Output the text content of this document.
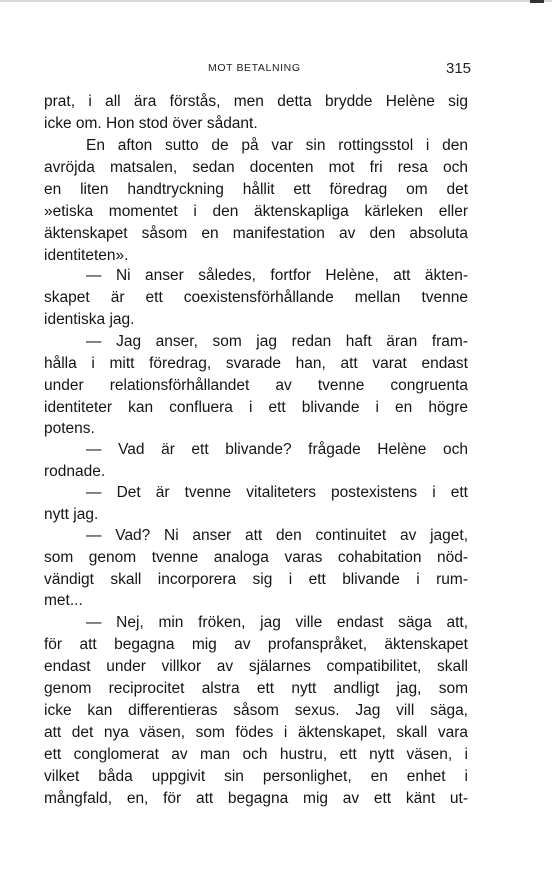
MOT BETALNING	315
prat, i all ära förstås, men detta brydde Helène sig
icke om. Hon stod över sådant.
En afton sutto de på var sin rottingsstol i den
avröjda matsalen, sedan docenten mot fri resa och
en liten handtryckning hållit ett föredrag om det
»etiska momentet i den äktenskapliga kärleken eller
äktenskapet såsom en manifestation av den absoluta
identiteten».
— Ni anser således, fortfor Helène, att äkten-
skapet är ett coexistensförhållande mellan tvenne
identiska jag.
— Jag anser, som jag redan haft äran fram-
hålla i mitt föredrag, svarade han, att varat endast
under relationsförhållandet av tvenne congruenta
identiteter kan confluera i ett blivande i en högre
potens.
— Vad är ett blivande? frågade Helène och
rodnade.
— Det är tvenne vitaliteters postexistens i ett
nytt jag.
— Vad? Ni anser att den continuitet av jaget,
som genom tvenne analoga varas cohabitation nöd-
vändigt skall incorporera sig i ett blivande i rum-
met...
— Nej, min fröken, jag ville endast säga att,
för att begagna mig av profanspråket, äktenskapet
endast under villkor av själarnes compatibilitet, skall
genom reciprocitet alstra ett nytt andligt jag, som
icke kan differentieras såsom sexus. Jag vill säga,
att det nya väsen, som födes i äktenskapet, skall vara
ett conglomerat av man och hustru, ett nytt väsen, i
vilket båda uppgivit sin personlighet, en enhet i
mångfald, en, för att begagna mig av ett känt ut-
